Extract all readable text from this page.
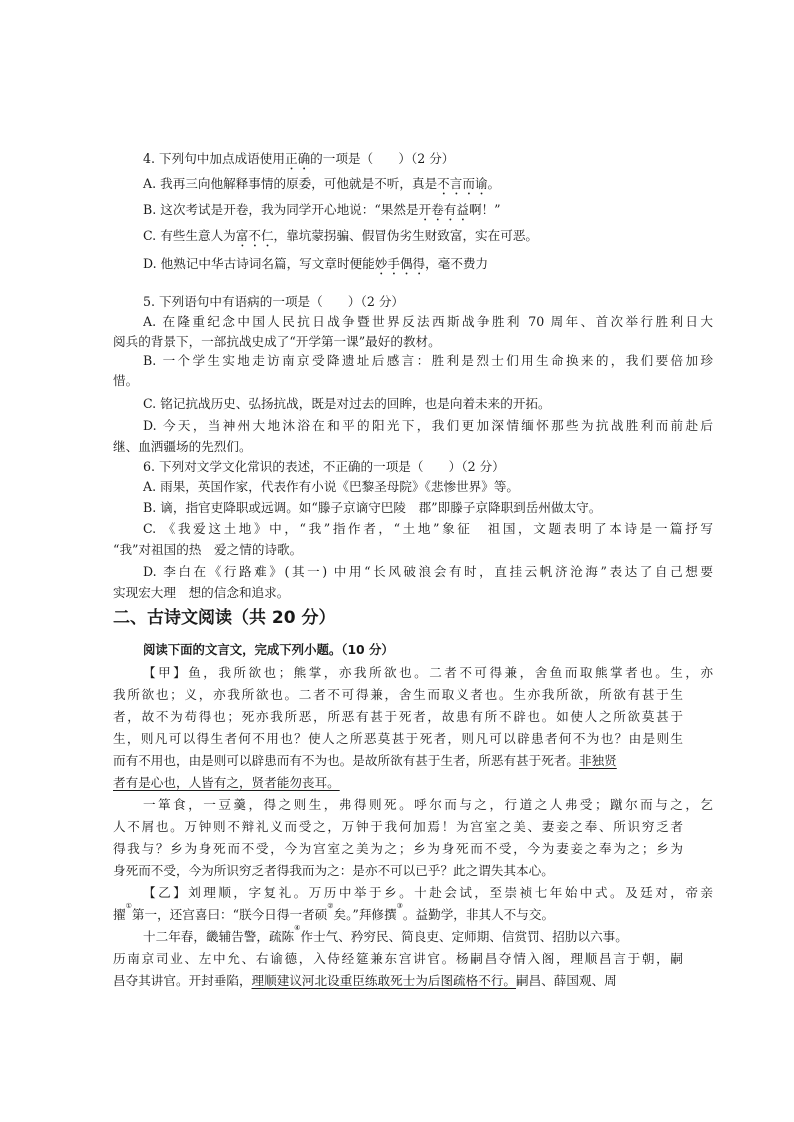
4. 下列句中加点成语使用正确的一项是（　　）（2 分）
A. 我再三向他解释事情的原委，可他就是不听，真是不言而谕。
B. 这次考试是开卷，我为同学开心地说：“果然是开卷有益啊！”
C. 有些生意人为富不仁，靠坑蒙拐骗、假冒伪劣生财致富，实在可恶。
D. 他熟记中华古诗词名篇，写文章时便能妙手偶得，毫不费力
5. 下列语句中有语病的一项是（　　）（2 分）
A. 在隆重纪念中国人民抗日战争暨世界反法西斯战争胜利 70 周年、首次举行胜利日大
阅兵的背景下，一部抗战史成了“开学第一课”最好的教材。
B. 一个学生实地走访南京受降遗址后感言：胜利是烈士们用生命换来的，我们要倍加珍
惜。
C. 铭记抗战历史、弘扬抗战，既是对过去的回眸，也是向着未来的开拓。
D. 今天，当神州大地沐浴在和平的阳光下，我们更加深情缅怀那些为抗战胜利而前赴后
继、血洒疆场的先烈们。
6. 下列对文学文化常识的表述，不正确的一项是（　　）（2 分）
A. 雨果，英国作家，代表作有小说《巴黎圣母院》《悲惨世界》等。
B. 谪，指官吏降职或远调。如“滕子京谪守巴陵　郡”即滕子京降职到岳州做太守。
C. 《我爱这土地》中，“我”指作者，“土地”象征　祖国，文题表明了本诗是一篇抒写
“我”对祖国的热　爱之情的诗歌。
D. 李白在《行路难》(其一) 中用“长风破浪会有时，直挂云帆济沧海”表达了自己想要
实现宏大理　想的信念和追求。
二、古诗文阅读（共 20 分）
阅读下面的文言文，完成下列小题。（10 分）
【甲】鱼，我所欲也；熊掌，亦我所欲也。二者不可得兼，舍鱼而取熊掌者也。生，亦
我所欲也；义，亦我所欲也。二者不可得兼，舍生而取义者也。生亦我所欲，所欲有甚于生
者，故不为苟得也；死亦我所恶，所恶有甚于死者，故患有所不辟也。如使人之所欲莫甚于
生，则凡可以得生者何不用也？使人之所恶莫甚于死者，则凡可以辟患者何不为也？由是则生
而有不用也，由是则可以辟患而有不为也。是故所欲有甚于生者，所恶有甚于死者。非独贤
者有是心也，人皆有之，贤者能勿丧耳。
一箪食，一豆羹，得之则生，弗得则死。呼尔而与之，行道之人弗受；蹴尔而与之，乞
人不屑也。万钟则不辩礼义而受之，万钟于我何加焉！为宫室之美、妻妾之奉、所识穷乏者
得我与？乡为身死而不受，今为宫室之美为之；乡为身死而不受，今为妻妾之奉为之；乡为
身死而不受，今为所识穷乏者得我而为之：是亦不可以已乎？此之谓失其本心。
【乙】刘理顺，字复礼。万历中举于乡。十赴会试，至崇祯七年始中式。及廷对，帝亲
擢①第一，还宫喜曰：“朕今日得一者硕②矣。”拜修撰③。益勤学，非其人不与交。
十二年春，畿辅告警，疏陈④作士气、矜穷民、简良吏、定师期、信赏罚、招肋以六事。
历南京司业、左中允、右谕德，入侍经筵兼东宫讲官。杨嗣昌夺情入阁，理顺昌言于朝，嗣
昌夺其讲官。开封垂陷，理顺建议河北设重臣练敢死士为后图疏格不行。嗣昌、薛国观、周
